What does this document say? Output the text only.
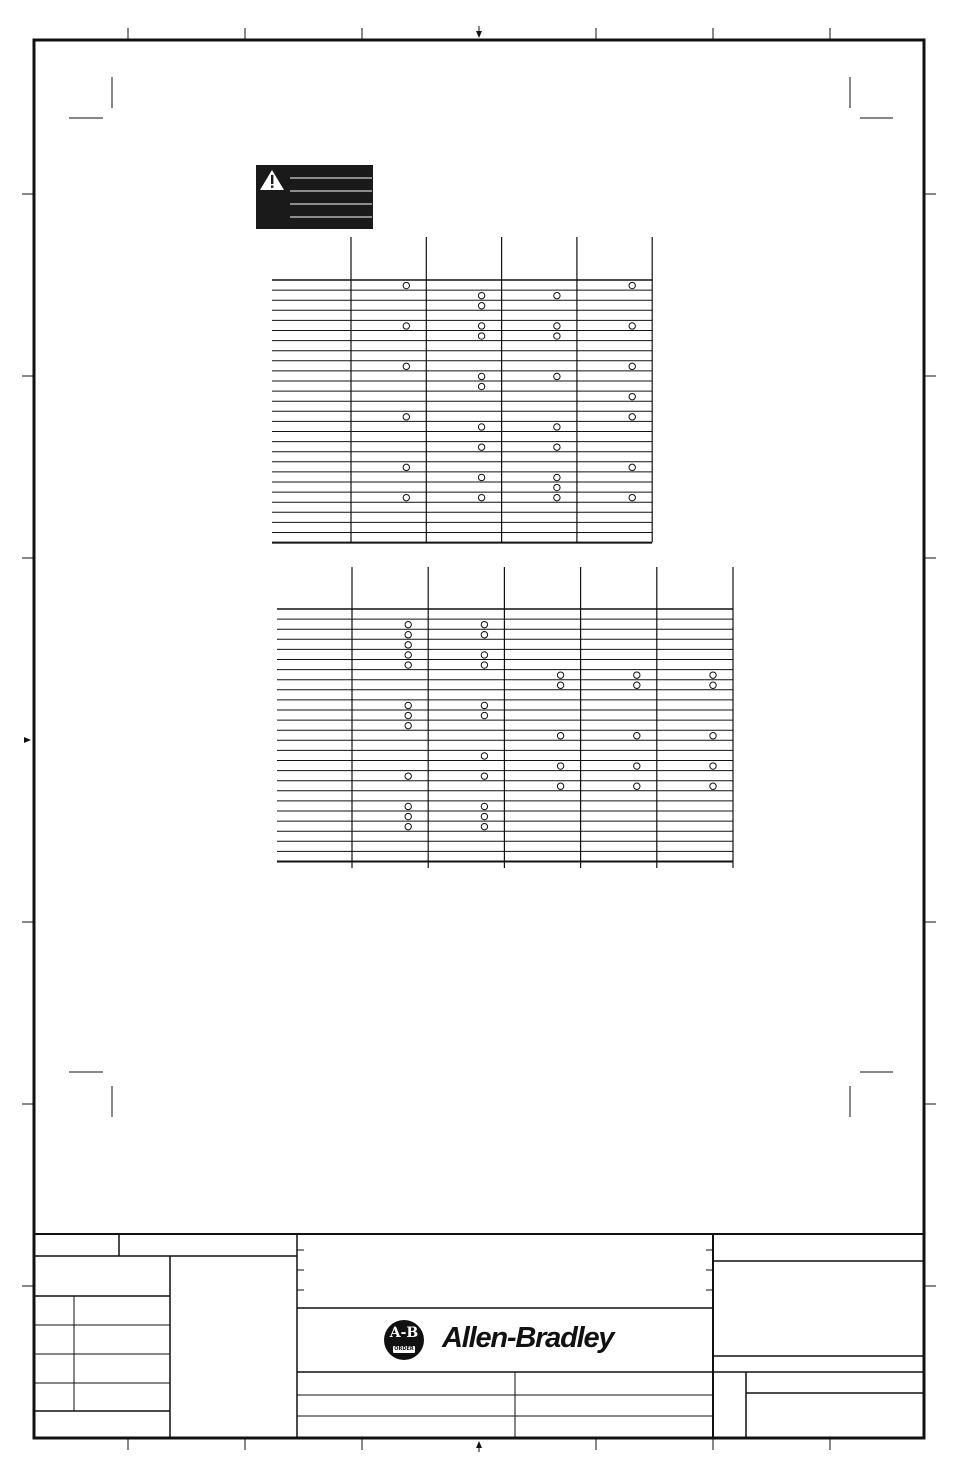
A-B
ORDER Allen-Bradley
